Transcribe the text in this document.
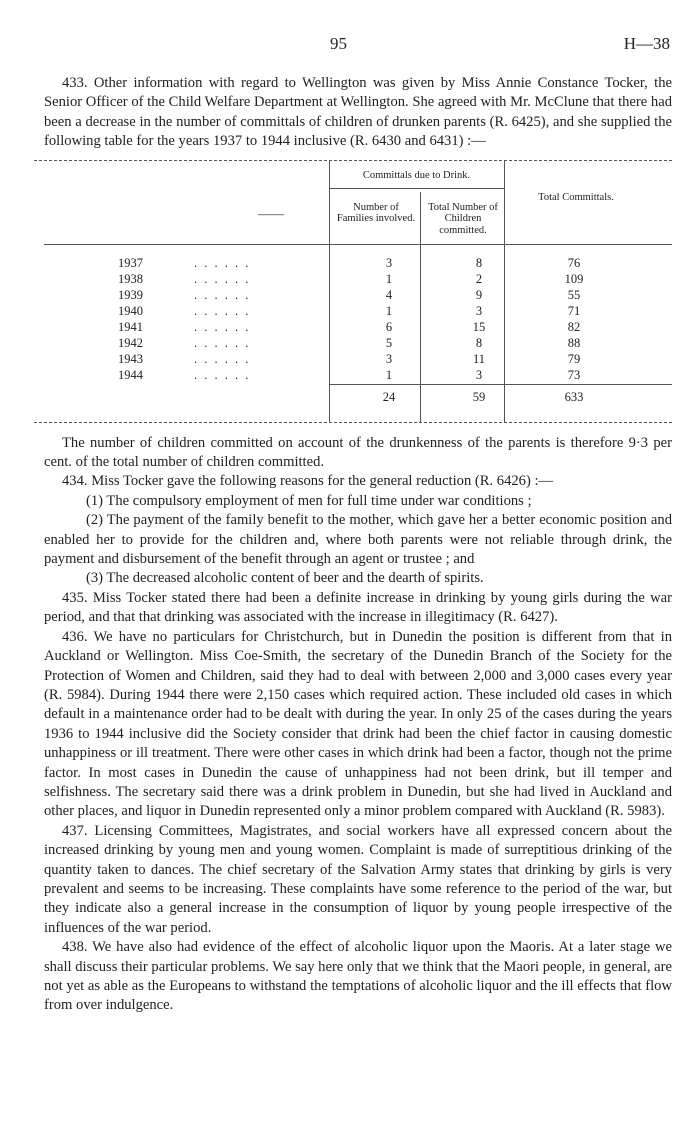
95	H—38

433. Other information with regard to Wellington was given by Miss Annie Constance Tocker, the Senior Officer of the Child Welfare Department at Wellington. She agreed with Mr. McClune that there had been a decrease in the number of committals of children of drunken parents (R. 6425), and she supplied the following table for the years 1937 to 1944 inclusive (R. 6430 and 6431) :—

Committals due to Drink.
——	Number of Families involved.
Total Number of Children committed.
Total Committals.
1937	. . . . . .	3	8	76
1938	. . . . . .	1	2	109
1939	. . . . . .	4	9	55
1940	. . . . . .	1	3	71
1941	. . . . . .	6	15	82
1942	. . . . . .	5	8	88
1943	. . . . . .	3	11	79
1944	. . . . . .	1	3	73
24	59	633

The number of children committed on account of the drunkenness of the parents is therefore 9·3 per cent. of the total number of children committed.

434. Miss Tocker gave the following reasons for the general reduction (R. 6426) :—

(1) The compulsory employment of men for full time under war conditions ;

(2) The payment of the family benefit to the mother, which gave her a better economic position and enabled her to provide for the children and, where both parents were not reliable through drink, the payment and disbursement of the benefit through an agent or trustee ; and

(3) The decreased alcoholic content of beer and the dearth of spirits.

435. Miss Tocker stated there had been a definite increase in drinking by young girls during the war period, and that that drinking was associated with the increase in illegitimacy (R. 6427).

436. We have no particulars for Christchurch, but in Dunedin the position is different from that in Auckland or Wellington. Miss Coe-Smith, the secretary of the Dunedin Branch of the Society for the Protection of Women and Children, said they had to deal with between 2,000 and 3,000 cases every year (R. 5984). During 1944 there were 2,150 cases which required action. These included old cases in which default in a maintenance order had to be dealt with during the year. In only 25 of the cases during the years 1936 to 1944 inclusive did the Society consider that drink had been the chief factor in causing domestic unhappiness or ill treatment. There were other cases in which drink had been a factor, though not the prime factor. In most cases in Dunedin the cause of unhappiness had not been drink, but ill temper and selfishness. The secretary said there was a drink problem in Dunedin, but she had lived in Auckland and other places, and liquor in Dunedin represented only a minor problem compared with Auckland (R. 5983).

437. Licensing Committees, Magistrates, and social workers have all expressed concern about the increased drinking by young men and young women. Complaint is made of surreptitious drinking of the quantity taken to dances. The chief secretary of the Salvation Army states that drinking by girls is very prevalent and seems to be increasing. These complaints have some reference to the period of the war, but they indicate also a general increase in the consumption of liquor by young people irrespective of the influences of the war period.

438. We have also had evidence of the effect of alcoholic liquor upon the Maoris. At a later stage we shall discuss their particular problems. We say here only that we think that the Maori people, in general, are not yet as able as the Europeans to withstand the temptations of alcoholic liquor and the ill effects that flow from over indulgence.
